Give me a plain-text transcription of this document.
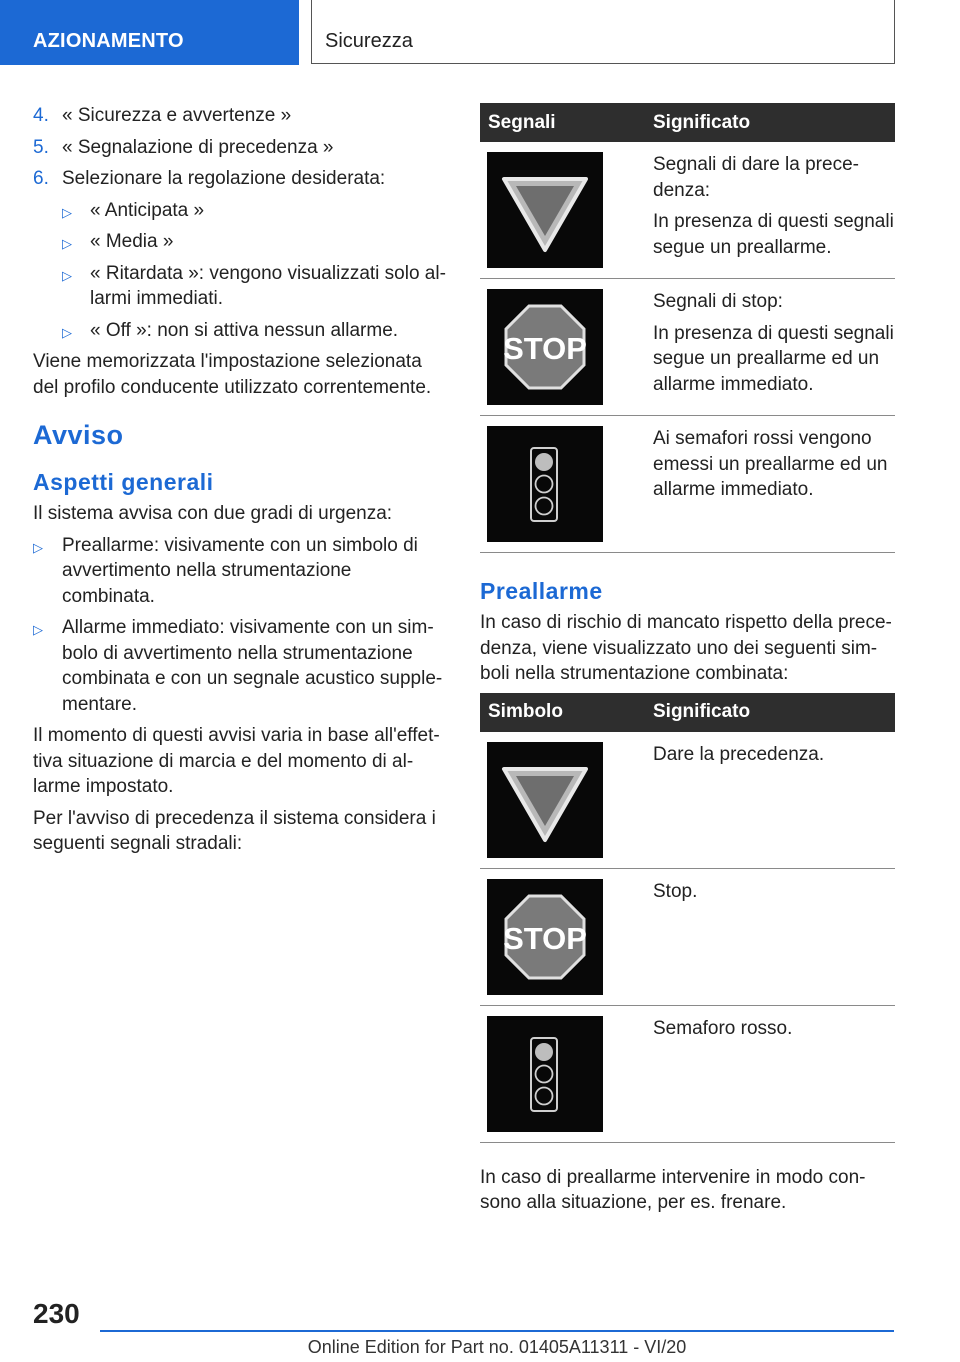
AZIONAMENTO	Sicurezza
4. « Sicurezza e avvertenze »
5. « Segnalazione di precedenza »
6. Selezionare la regolazione desiderata:
▷ « Anticipata »
▷ « Media »
▷ « Ritardata »: vengono visualizzati solo allarmi immediati.
▷ « Off »: non si attiva nessun allarme.

Viene memorizzata l'impostazione selezionata del profilo conducente utilizzato correntemente.

Avviso
Aspetti generali

Il sistema avvisa con due gradi di urgenza:

▷ Preallarme: visivamente con un simbolo di avvertimento nella strumentazione combinata.
▷ Allarme immediato: visivamente con un simbolo di avvertimento nella strumentazione combinata e con un segnale acustico supplementare.

Il momento di questi avvisi varia in base all'effettiva situazione di marcia e del momento di allarme impostato.

Per l'avviso di precedenza il sistema considera i seguenti segnali stradali:

Segnali	Significato

Segnali di dare la precedenza:

In presenza di questi segnali segue un preallarme.

STOP

Segnali di stop:

In presenza di questi segnali segue un preallarme ed un allarme immediato.

Ai semafori rossi vengono emessi un preallarme ed un allarme immediato.

Preallarme

In caso di rischio di mancato rispetto della precedenza, viene visualizzato uno dei seguenti simboli nella strumentazione combinata:

Simbolo	Significato

Dare la precedenza.

STOP

Stop.

Semaforo rosso.

In caso di preallarme intervenire in modo consono alla situazione, per es. frenare.

230
Online Edition for Part no. 01405A11311 - VI/20
